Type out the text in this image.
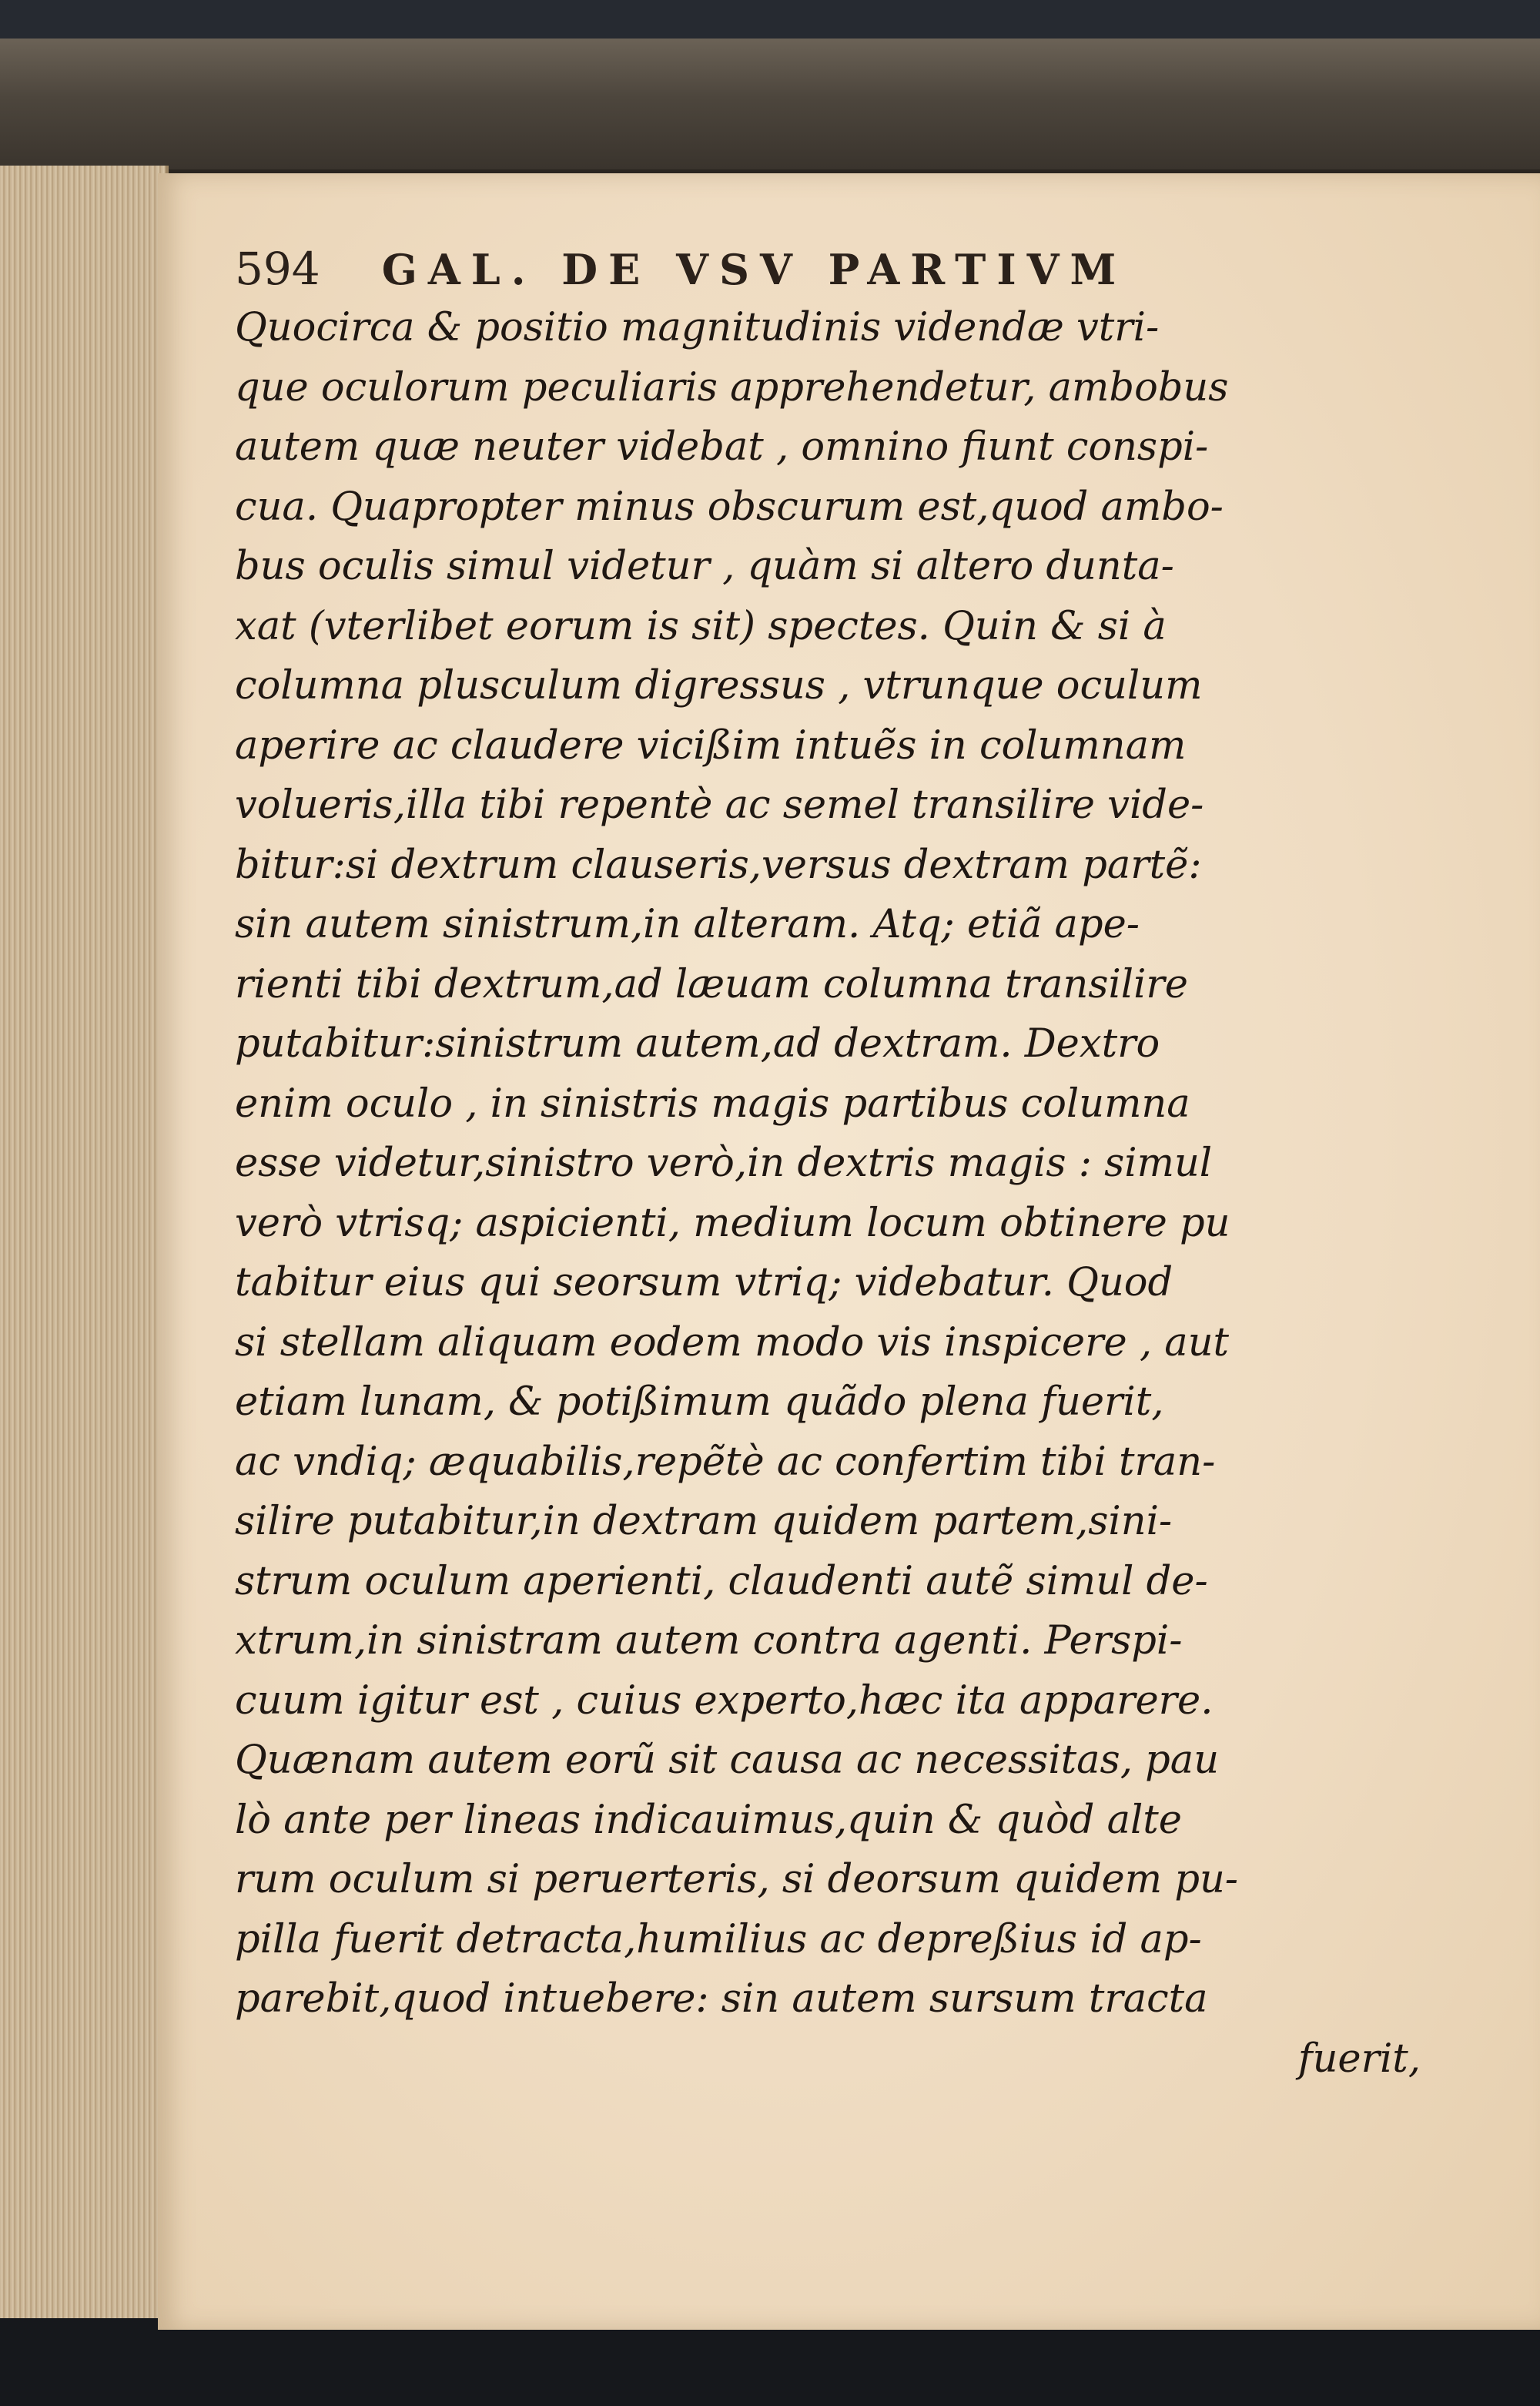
594 GAL. DE VSV PARTIVM
Quocirca & positio magnitudinis videndæ vtri-
que oculorum peculiaris apprehendetur, ambobus
autem quæ neuter videbat , omnino fiunt conspi-
cua. Quapropter minus obscurum est,quod ambo-
bus oculis simul videtur , quàm si altero dunta-
xat (vterlibet eorum is sit) spectes. Quin & si à
columna plusculum digressus , vtrunque oculum
aperire ac claudere vicißim intuẽs in columnam
volueris,illa tibi repentè ac semel transilire vide-
bitur:si dextrum clauseris,versus dextram partẽ:
sin autem sinistrum,in alteram. Atq; etiã ape-
rienti tibi dextrum,ad læuam columna transilire
putabitur:sinistrum autem,ad dextram. Dextro
enim oculo , in sinistris magis partibus columna
esse videtur,sinistro verò,in dextris magis : simul
verò vtrisq; aspicienti, medium locum obtinere pu
tabitur eius qui seorsum vtriq; videbatur. Quod
si stellam aliquam eodem modo vis inspicere , aut
etiam lunam, & potißimum quãdo plena fuerit,
ac vndiq; æquabilis,repẽtè ac confertim tibi tran-
silire putabitur,in dextram quidem partem,sini-
strum oculum aperienti, claudenti autẽ simul de-
xtrum,in sinistram autem contra agenti. Perspi-
cuum igitur est , cuius experto,hæc ita apparere.
Quænam autem eorũ sit causa ac necessitas, pau
lò ante per lineas indicauimus,quin & quòd alte
rum oculum si peruerteris, si deorsum quidem pu-
pilla fuerit detracta,humilius ac depreßius id ap-
parebit,quod intuebere: sin autem sursum tracta
fuerit,
